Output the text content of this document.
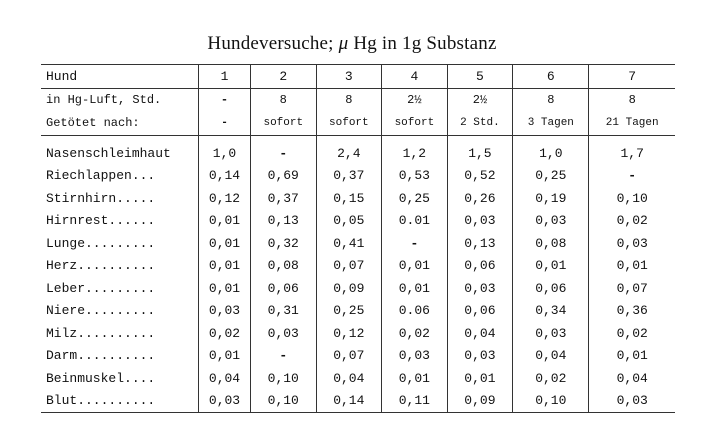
Hundeversuche; μ Hg in 1g Substanz
Hund	1	2	3	4	5	6	7
in Hg-Luft, Std.	-	8	8	2½	2½	8	8
Getötet nach:	-	sofort	sofort	sofort	2 Std.	3 Tagen	21 Tagen
Nasenschleimhaut	1,0	-	2,4	1,2	1,5	1,0	1,7
Riechlappen...	0,14	0,69	0,37	0,53	0,52	0,25	-
Stirnhirn.....	0,12	0,37	0,15	0,25	0,26	0,19	0,10
Hirnrest......	0,01	0,13	0,05	0.01	0,03	0,03	0,02
Lunge.........	0,01	0,32	0,41	-	0,13	0,08	0,03
Herz..........	0,01	0,08	0,07	0,01	0,06	0,01	0,01
Leber.........	0,01	0,06	0,09	0,01	0,03	0,06	0,07
Niere.........	0,03	0,31	0,25	0.06	0,06	0,34	0,36
Milz..........	0,02	0,03	0,12	0,02	0,04	0,03	0,02
Darm..........	0,01	-	0,07	0,03	0,03	0,04	0,01
Beinmuskel....	0,04	0,10	0,04	0,01	0,01	0,02	0,04
Blut..........	0,03	0,10	0,14	0,11	0,09	0,10	0,03
